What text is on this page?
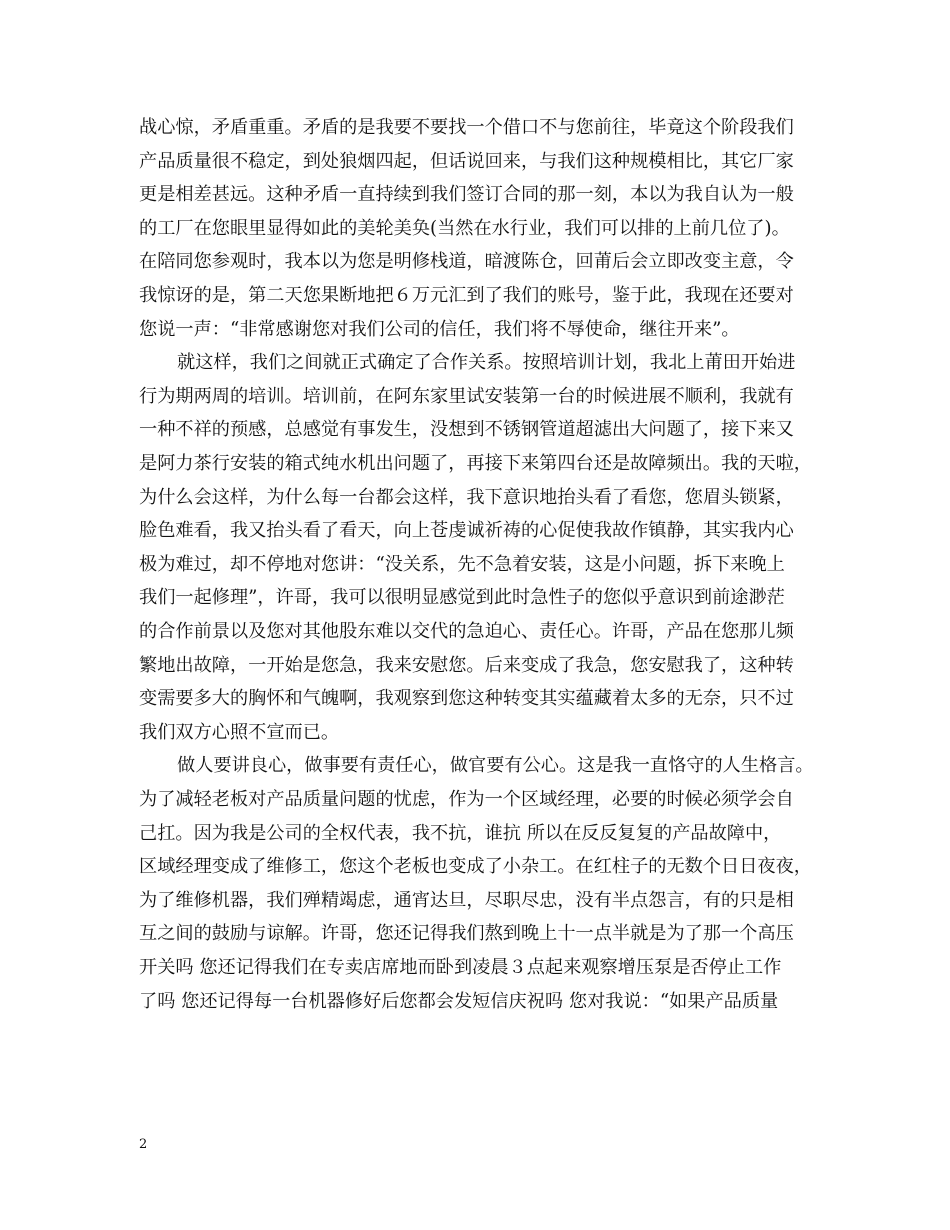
战心惊，矛盾重重。矛盾的是我要不要找一个借口不与您前往，毕竟这个阶段我们
产品质量很不稳定，到处狼烟四起，但话说回来，与我们这种规模相比，其它厂家
更是相差甚远。这种矛盾一直持续到我们签订合同的那一刻，本以为我自认为一般
的工厂在您眼里显得如此的美轮美奂(当然在水行业，我们可以排的上前几位了)。
在陪同您参观时，我本以为您是明修栈道，暗渡陈仓，回莆后会立即改变主意，令
我惊讶的是，第二天您果断地把６万元汇到了我们的账号，鉴于此，我现在还要对
您说一声：“非常感谢您对我们公司的信任，我们将不辱使命，继往开来”。
就这样，我们之间就正式确定了合作关系。按照培训计划，我北上莆田开始进
行为期两周的培训。培训前，在阿东家里试安装第一台的时候进展不顺利，我就有
一种不祥的预感，总感觉有事发生，没想到不锈钢管道超滤出大问题了，接下来又
是阿力茶行安装的箱式纯水机出问题了，再接下来第四台还是故障频出。我的天啦，
为什么会这样，为什么每一台都会这样，我下意识地抬头看了看您，您眉头锁紧，
脸色难看，我又抬头看了看天，向上苍虔诚祈祷的心促使我故作镇静，其实我内心
极为难过，却不停地对您讲：“没关系，先不急着安装，这是小问题，拆下来晚上
我们一起修理”，许哥，我可以很明显感觉到此时急性子的您似乎意识到前途渺茫
的合作前景以及您对其他股东难以交代的急迫心、责任心。许哥，产品在您那儿频
繁地出故障，一开始是您急，我来安慰您。后来变成了我急，您安慰我了，这种转
变需要多大的胸怀和气魄啊，我观察到您这种转变其实蕴藏着太多的无奈，只不过
我们双方心照不宣而已。
做人要讲良心，做事要有责任心，做官要有公心。这是我一直恪守的人生格言。
为了减轻老板对产品质量问题的忧虑，作为一个区域经理，必要的时候必须学会自
己扛。因为我是公司的全权代表，我不抗，谁抗 所以在反反复复的产品故障中，
区域经理变成了维修工，您这个老板也变成了小杂工。在红柱子的无数个日日夜夜，
为了维修机器，我们殚精竭虑，通宵达旦，尽职尽忠，没有半点怨言，有的只是相
互之间的鼓励与谅解。许哥，您还记得我们熬到晚上十一点半就是为了那一个高压
开关吗 您还记得我们在专卖店席地而卧到凌晨３点起来观察增压泵是否停止工作
了吗 您还记得每一台机器修好后您都会发短信庆祝吗 您对我说：“如果产品质量
2
